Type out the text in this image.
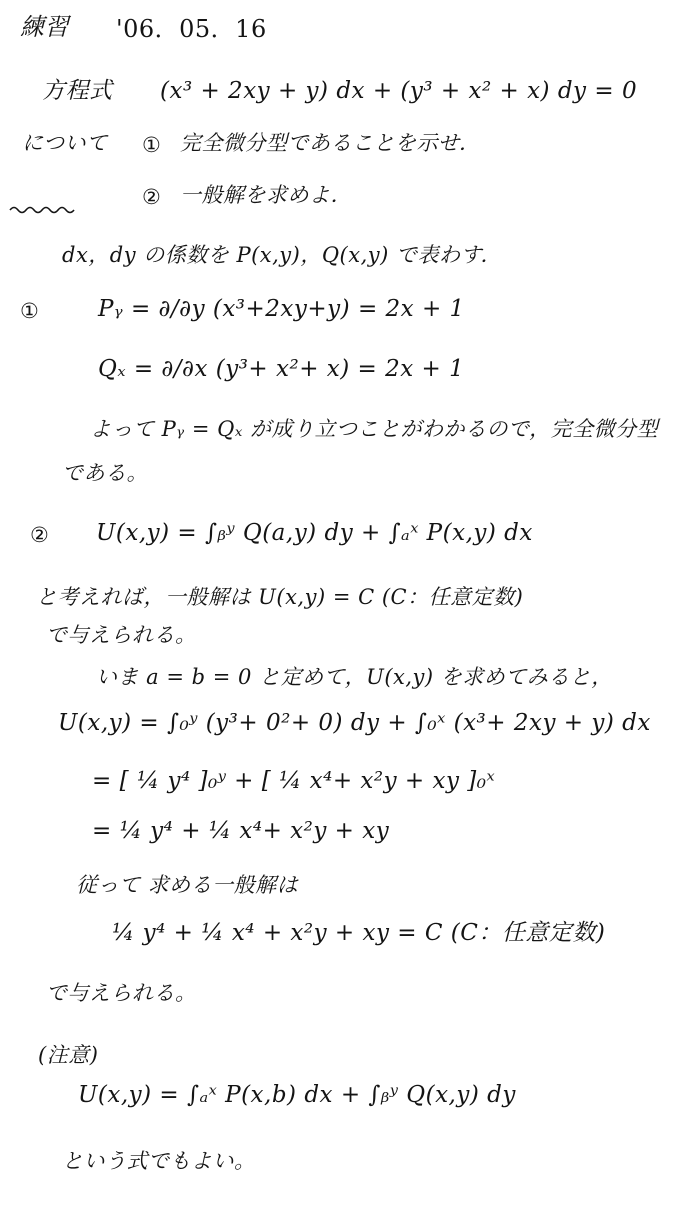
練習 '06．05．16
方程式 (x³ + 2xy + y) dx + (y³ + x² + x) dy = 0
について ① 完全微分型であることを示せ．
② 一般解を求めよ．
dx，dy の係数を P(x,y)，Q(x,y) で表わす．
①	Pᵧ = ∂/∂y (x³+2xy+y) = 2x + 1
Qₓ = ∂/∂x (y³+ x²+ x) = 2x + 1
よって Pᵧ = Qₓ が成り立つことがわかるので，完全微分型
である。
② U(x,y) = ∫ᵦʸ Q(a,y) dy + ∫ₐˣ P(x,y) dx
と考えれば，一般解は U(x,y) = C (C：任意定数)
で与えられる。
いま a = b = 0 と定めて，U(x,y) を求めてみると，
U(x,y) = ∫₀ʸ (y³+ 0²+ 0) dy + ∫₀ˣ (x³+ 2xy + y) dx
= [ ¼ y⁴ ]₀ʸ + [ ¼ x⁴+ x²y + xy ]₀ˣ
= ¼ y⁴ + ¼ x⁴+ x²y + xy
従って 求める一般解は
¼ y⁴ + ¼ x⁴ + x²y + xy = C (C：任意定数)
で与えられる。
(注意)
U(x,y) = ∫ₐˣ P(x,b) dx + ∫ᵦʸ Q(x,y) dy
という式でもよい。
